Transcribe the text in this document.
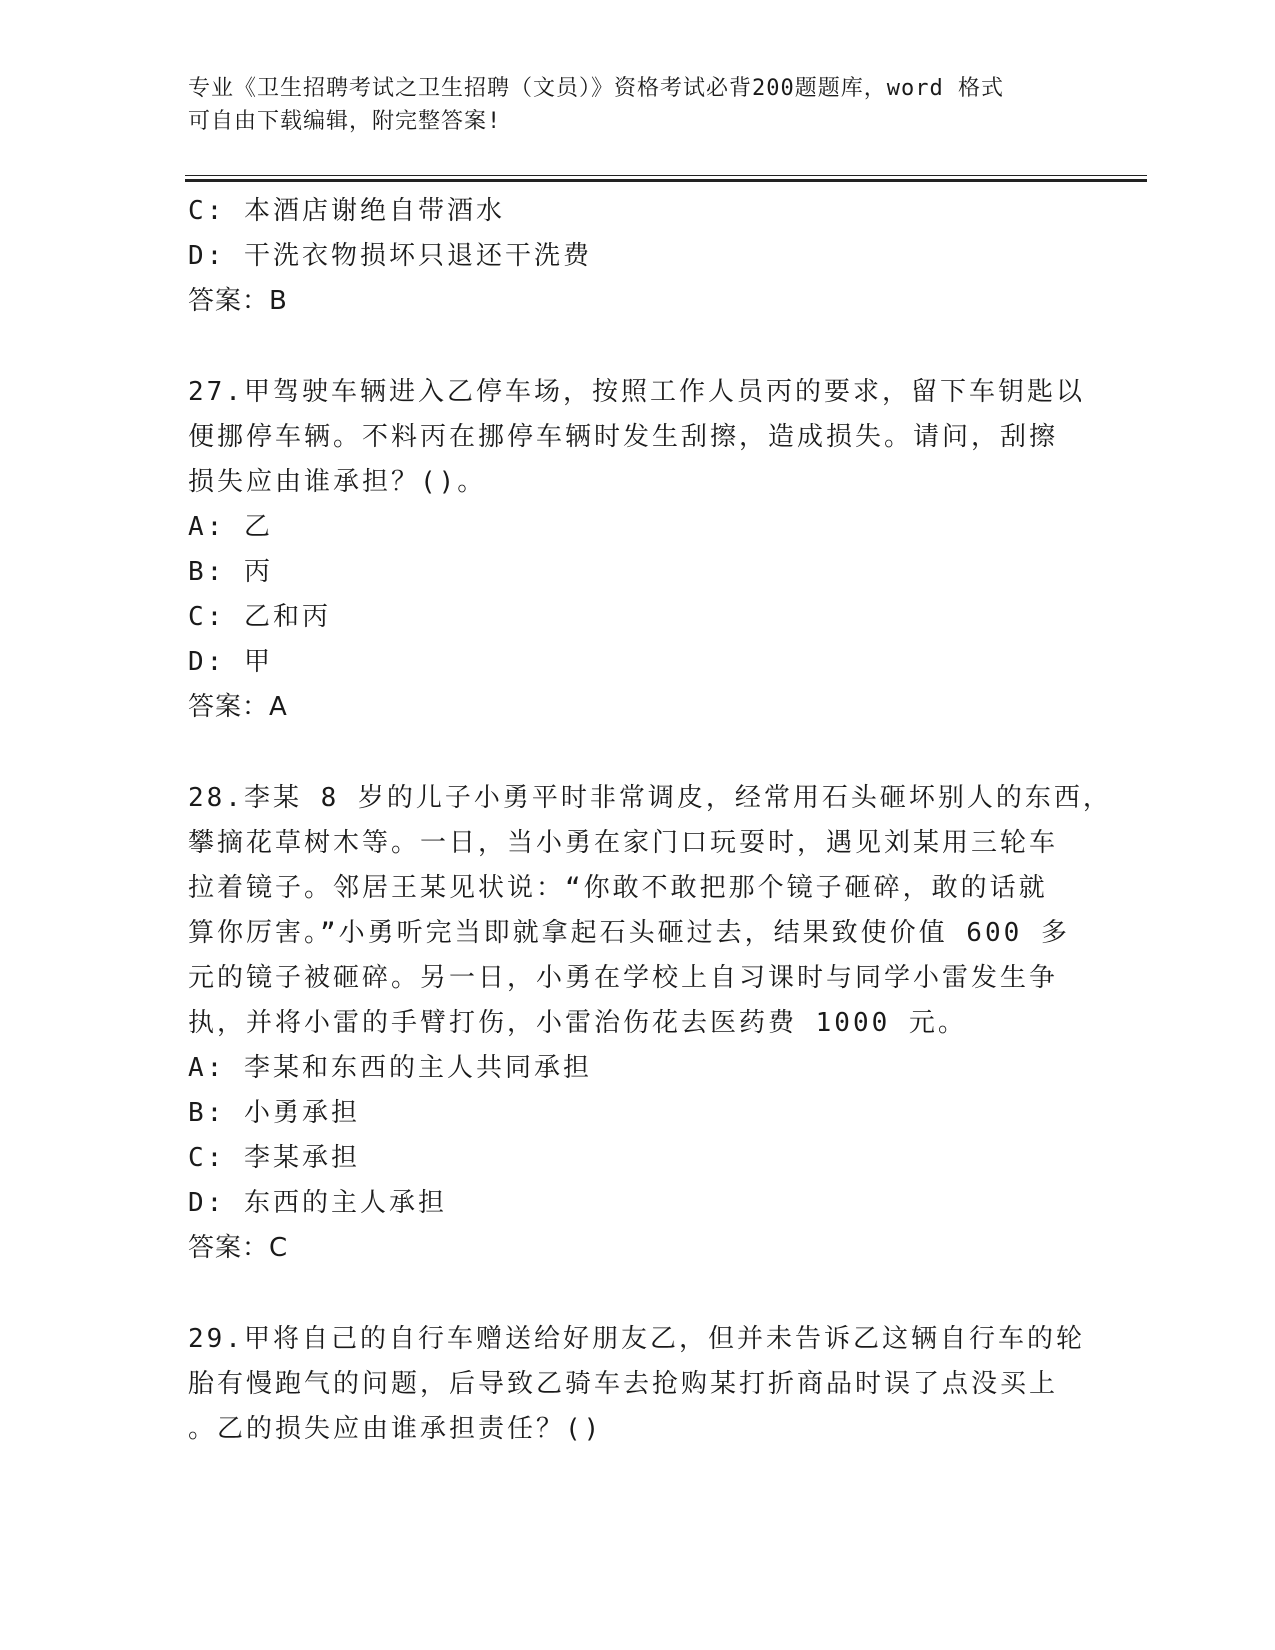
专业《卫生招聘考试之卫生招聘（文员）》资格考试必背200题题库，word 格式
可自由下载编辑，附完整答案!
C: 本酒店谢绝自带酒水
D: 干洗衣物损坏只退还干洗费
答案：B
27.甲驾驶车辆进入乙停车场，按照工作人员丙的要求，留下车钥匙以
便挪停车辆。不料丙在挪停车辆时发生刮擦，造成损失。请问，刮擦
损失应由谁承担？()。
A: 乙
B: 丙
C: 乙和丙
D: 甲
答案：A
28.李某 8 岁的儿子小勇平时非常调皮，经常用石头砸坏别人的东西，
攀摘花草树木等。一日，当小勇在家门口玩耍时，遇见刘某用三轮车
拉着镜子。邻居王某见状说：“你敢不敢把那个镜子砸碎，敢的话就
算你厉害。”小勇听完当即就拿起石头砸过去，结果致使价值 600 多
元的镜子被砸碎。另一日，小勇在学校上自习课时与同学小雷发生争
执，并将小雷的手臂打伤，小雷治伤花去医药费 1000 元。
A: 李某和东西的主人共同承担
B: 小勇承担
C: 李某承担
D: 东西的主人承担
答案：C
29.甲将自己的自行车赠送给好朋友乙，但并未告诉乙这辆自行车的轮
胎有慢跑气的问题，后导致乙骑车去抢购某打折商品时误了点没买上
。乙的损失应由谁承担责任？()
